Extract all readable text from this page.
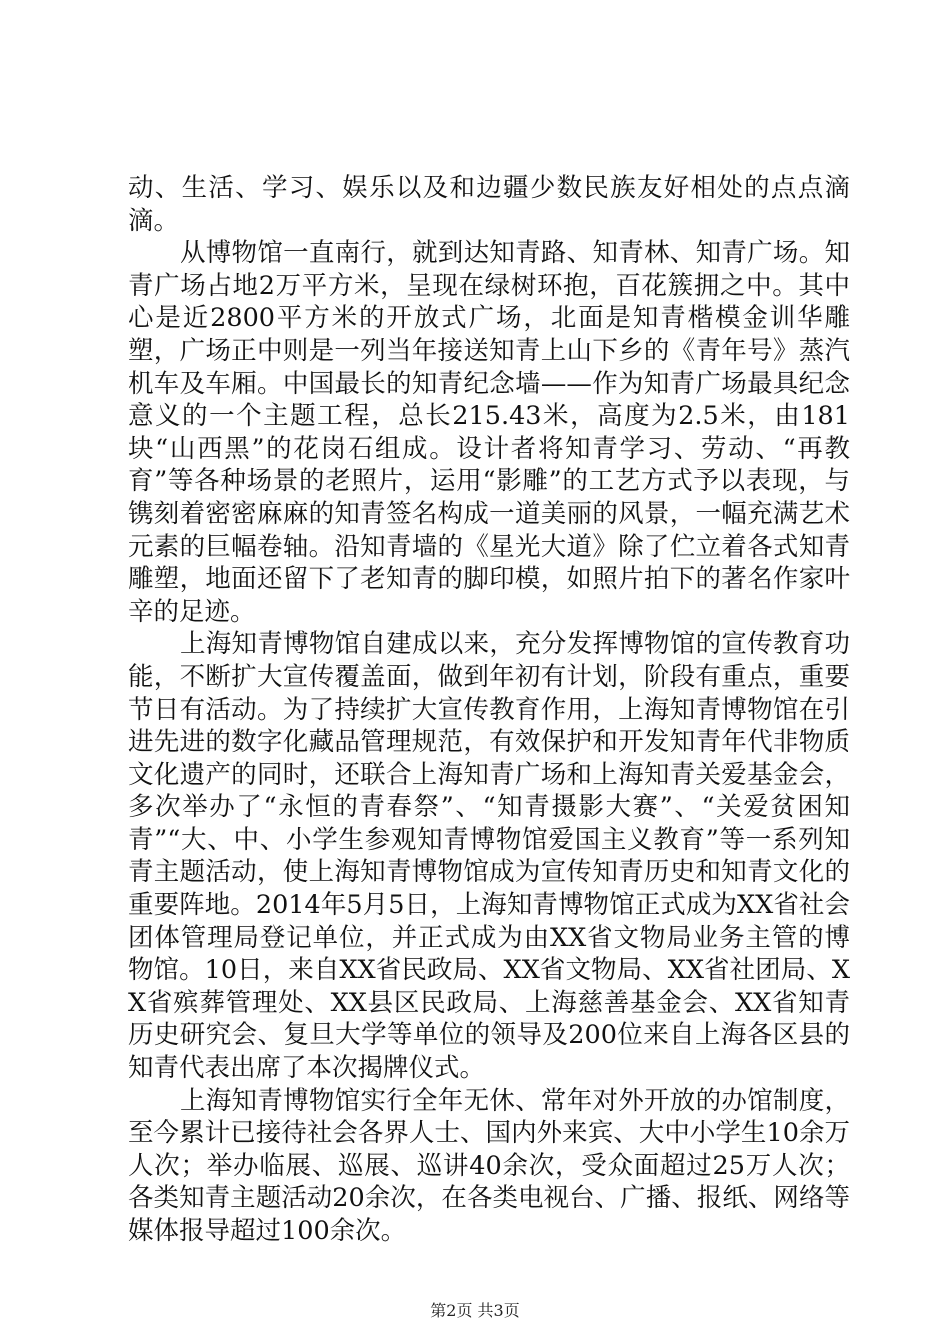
动、生活、学习、娱乐以及和边疆少数民族友好相处的点点滴滴。

从博物馆一直南行，就到达知青路、知青林、知青广场。知青广场占地2万平方米，呈现在绿树环抱，百花簇拥之中。其中心是近2800平方米的开放式广场，北面是知青楷模金训华雕塑，广场正中则是一列当年接送知青上山下乡的《青年号》蒸汽机车及车厢。中国最长的知青纪念墙——作为知青广场最具纪念意义的一个主题工程，总长215.43米，高度为2.5米，由181块“山西黑”的花岗石组成。设计者将知青学习、劳动、“再教育”等各种场景的老照片，运用“影雕”的工艺方式予以表现，与镌刻着密密麻麻的知青签名构成一道美丽的风景，一幅充满艺术元素的巨幅卷轴。沿知青墙的《星光大道》除了伫立着各式知青雕塑，地面还留下了老知青的脚印模，如照片拍下的著名作家叶辛的足迹。

上海知青博物馆自建成以来，充分发挥博物馆的宣传教育功能，不断扩大宣传覆盖面，做到年初有计划，阶段有重点，重要节日有活动。为了持续扩大宣传教育作用，上海知青博物馆在引进先进的数字化藏品管理规范，有效保护和开发知青年代非物质文化遗产的同时，还联合上海知青广场和上海知青关爱基金会，多次举办了“永恒的青春祭”、“知青摄影大赛”、“关爱贫困知青”“大、中、小学生参观知青博物馆爱国主义教育”等一系列知青主题活动，使上海知青博物馆成为宣传知青历史和知青文化的重要阵地。2014年5月5日，上海知青博物馆正式成为XX省社会团体管理局登记单位，并正式成为由XX省文物局业务主管的博物馆。10日，来自XX省民政局、XX省文物局、XX省社团局、XX省殡葬管理处、XX县区民政局、上海慈善基金会、XX省知青历史研究会、复旦大学等单位的领导及200位来自上海各区县的知青代表出席了本次揭牌仪式。

上海知青博物馆实行全年无休、常年对外开放的办馆制度，至今累计已接待社会各界人士、国内外来宾、大中小学生10余万人次；举办临展、巡展、巡讲40余次，受众面超过25万人次；各类知青主题活动20余次，在各类电视台、广播、报纸、网络等媒体报导超过100余次。

第2页 共3页
